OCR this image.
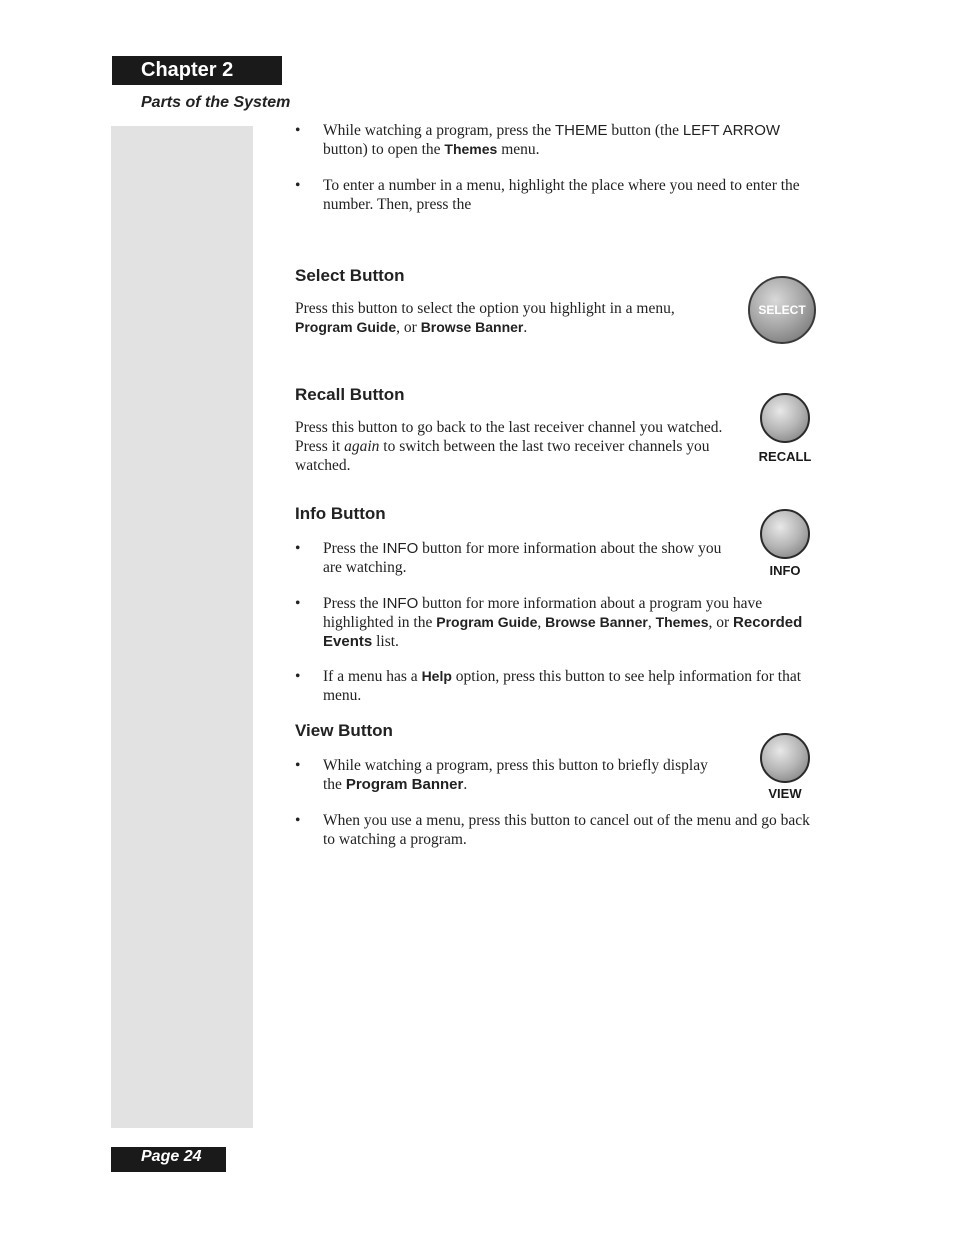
Chapter 2
Parts of the System
• While watching a program, press the THEME button (the LEFT ARROW button) to open the Themes menu.
• To enter a number in a menu, highlight the place where you need to enter the number. Then, press the
Select Button
Press this button to select the option you highlight in a menu, Program Guide, or Browse Banner.
SELECT
Recall Button
Press this button to go back to the last receiver channel you watched. Press it again to switch between the last two receiver channels you watched.
RECALL
Info Button
• Press the INFO button for more information about the show you are watching.	INFO
• Press the INFO button for more information about a program you have highlighted in the Program Guide, Browse Banner, Themes, or Recorded Events list.
• If a menu has a Help option, press this button to see help information for that menu.
View Button
• While watching a program, press this button to briefly display the Program Banner.
VIEW
• When you use a menu, press this button to cancel out of the menu and go back to watching a program.
Page 24
